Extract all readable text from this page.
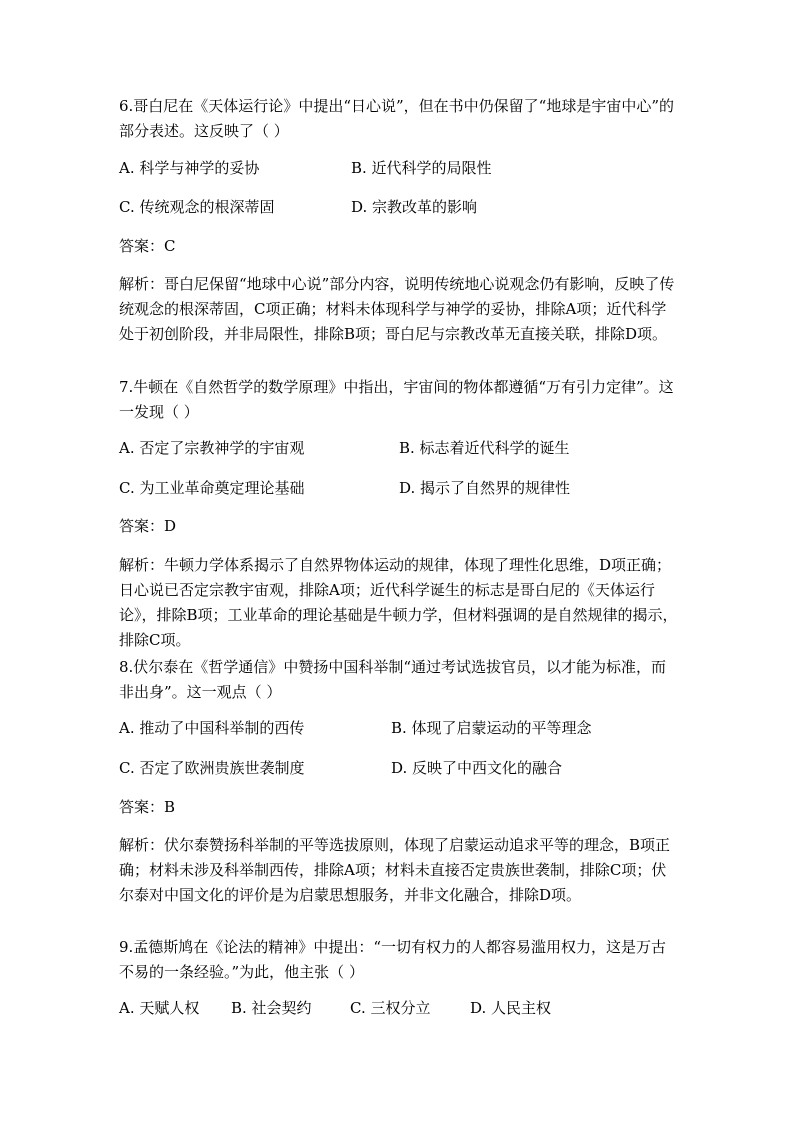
6.哥白尼在《天体运行论》中提出“日心说”，但在书中仍保留了“地球是宇宙中心”的部分表述。这反映了（ ）

A. 科学与神学的妥协	B. 近代科学的局限性
C. 传统观念的根深蒂固	D. 宗教改革的影响

答案：C

解析：哥白尼保留“地球中心说”部分内容，说明传统地心说观念仍有影响，反映了传统观念的根深蒂固，C项正确；材料未体现科学与神学的妥协，排除A项；近代科学处于初创阶段，并非局限性，排除B项；哥白尼与宗教改革无直接关联，排除D项。

7.牛顿在《自然哲学的数学原理》中指出，宇宙间的物体都遵循“万有引力定律”。这一发现（ ）

A. 否定了宗教神学的宇宙观	B. 标志着近代科学的诞生
C. 为工业革命奠定理论基础	D. 揭示了自然界的规律性

答案：D

解析：牛顿力学体系揭示了自然界物体运动的规律，体现了理性化思维，D项正确；日心说已否定宗教宇宙观，排除A项；近代科学诞生的标志是哥白尼的《天体运行论》，排除B项；工业革命的理论基础是牛顿力学，但材料强调的是自然规律的揭示，排除C项。

8.伏尔泰在《哲学通信》中赞扬中国科举制“通过考试选拔官员，以才能为标准，而非出身”。这一观点（ ）

A. 推动了中国科举制的西传	B. 体现了启蒙运动的平等理念
C. 否定了欧洲贵族世袭制度	D. 反映了中西文化的融合

答案：B

解析：伏尔泰赞扬科举制的平等选拔原则，体现了启蒙运动追求平等的理念，B项正确；材料未涉及科举制西传，排除A项；材料未直接否定贵族世袭制，排除C项；伏尔泰对中国文化的评价是为启蒙思想服务，并非文化融合，排除D项。

9.孟德斯鸠在《论法的精神》中提出：“一切有权力的人都容易滥用权力，这是万古不易的一条经验。”为此，他主张（ ）

A. 天赋人权 B. 社会契约	C. 三权分立	D. 人民主权
